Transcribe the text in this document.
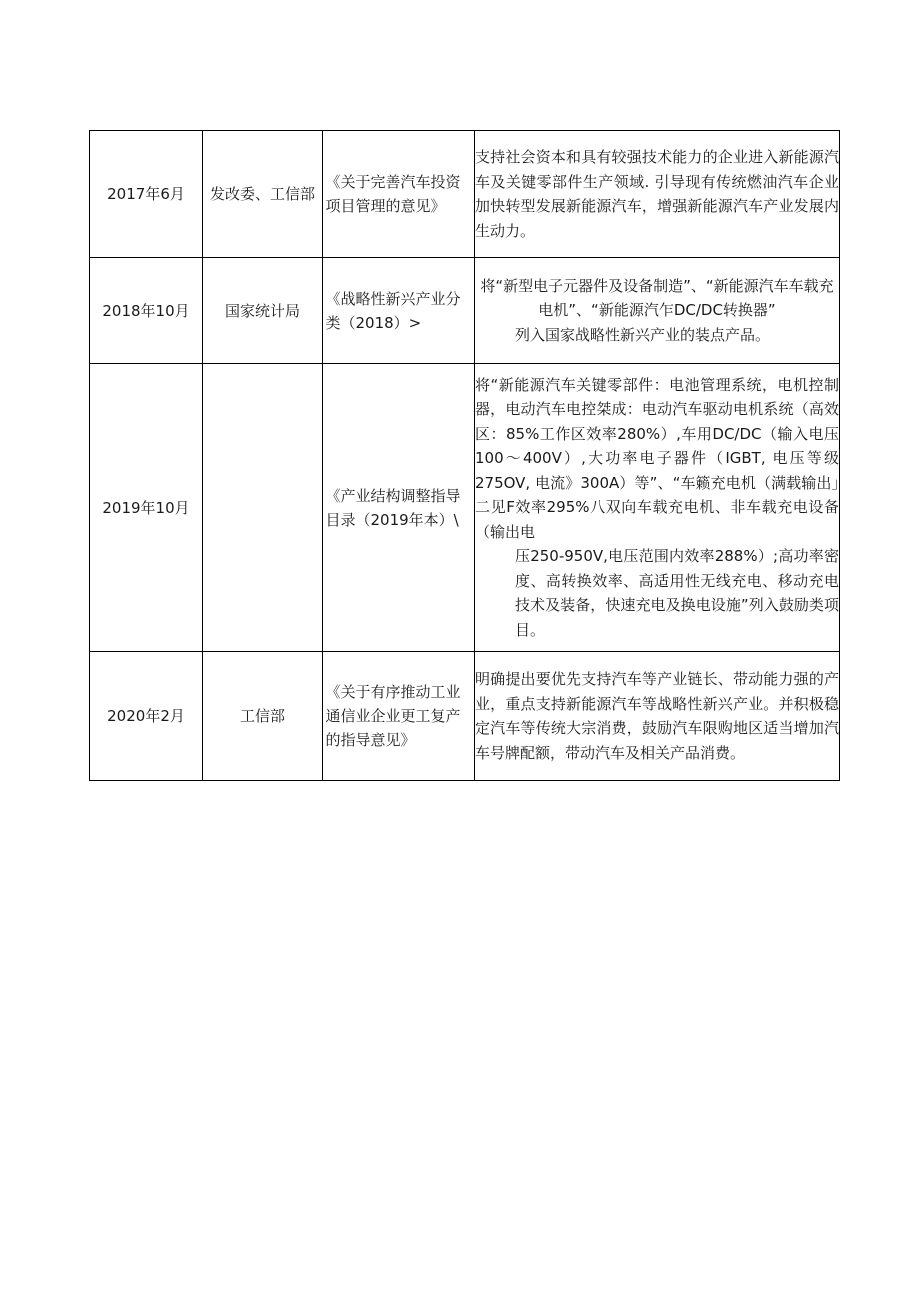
2017年6月	发改委、工信部	《关于完善汽车投资项目管理的意见》	支持社会资本和具有较强技术能力的企业进入新能源汽车及关键零部件生产领域. 引导现有传统燃油汽车企业加快转型发展新能源汽车，增强新能源汽车产业发展内生动力。

2018年10月	国家统计局	《战略性新兴产业分类（2018）>	将“新型电子元器件及设备制造”、“新能源汽车车载充电机”、“新能源汽乍DC/DC转换器”
列入国家战略性新兴产业的装点产品。

2019年10月		《产业结构调整指导目录（2019年本）\	将“新能源汽车关键零部件：电池管理系统，电机控制器，电动汽车电控桀成：电动汽车驱动电机系统（高效区：85%工作区效率280%）,车用DC/DC（输入电压100～400V）,大功率电子器件（IGBT, 电压等级275OV, 电流》300A）等”、“车籁充电机（满载输出」二见F效率295%八双向车载充电机、非车载充电设备（输出电
压250-950V,电压范围内效率288%）;高功率密度、高转换效率、高适用性无线充电、移动充电技术及装备，快速充电及换电设施”列入鼓励类项目。

2020年2月	工信部	《关于有序推动工业通信业企业更工复产的指导意见》	明确提出要优先支持汽车等产业链长、带动能力强的产业，重点支持新能源汽车等战略性新兴产业。并积极稳定汽车等传统大宗消费，鼓励汽车限购地区适当增加汽车号牌配额，带动汽车及相关产品消费。
